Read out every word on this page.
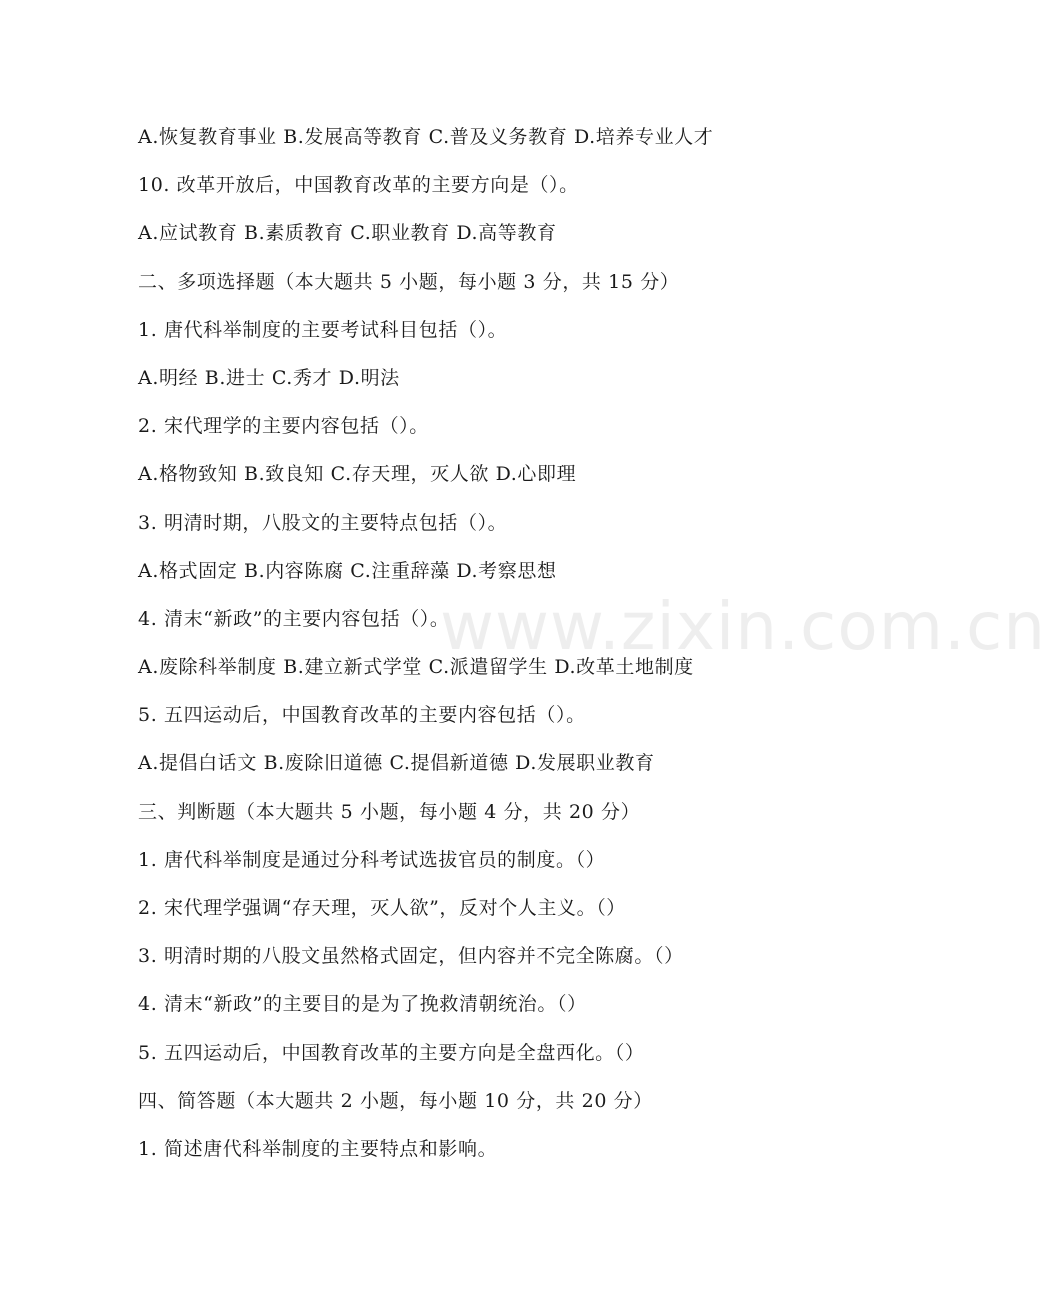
www.zixin.com.cn
A.恢复教育事业 B.发展高等教育 C.普及义务教育 D.培养专业人才
10. 改革开放后，中国教育改革的主要方向是（）。
A.应试教育 B.素质教育 C.职业教育 D.高等教育
二、多项选择题（本大题共 5 小题，每小题 3 分，共 15 分）
1. 唐代科举制度的主要考试科目包括（）。
A.明经 B.进士 C.秀才 D.明法
2. 宋代理学的主要内容包括（）。
A.格物致知 B.致良知 C.存天理，灭人欲 D.心即理
3. 明清时期，八股文的主要特点包括（）。
A.格式固定 B.内容陈腐 C.注重辞藻 D.考察思想
4. 清末“新政”的主要内容包括（）。
A.废除科举制度 B.建立新式学堂 C.派遣留学生 D.改革土地制度
5. 五四运动后，中国教育改革的主要内容包括（）。
A.提倡白话文 B.废除旧道德 C.提倡新道德 D.发展职业教育
三、判断题（本大题共 5 小题，每小题 4 分，共 20 分）
1. 唐代科举制度是通过分科考试选拔官员的制度。（）
2. 宋代理学强调“存天理，灭人欲”，反对个人主义。（）
3. 明清时期的八股文虽然格式固定，但内容并不完全陈腐。（）
4. 清末“新政”的主要目的是为了挽救清朝统治。（）
5. 五四运动后，中国教育改革的主要方向是全盘西化。（）
四、简答题（本大题共 2 小题，每小题 10 分，共 20 分）
1. 简述唐代科举制度的主要特点和影响。
